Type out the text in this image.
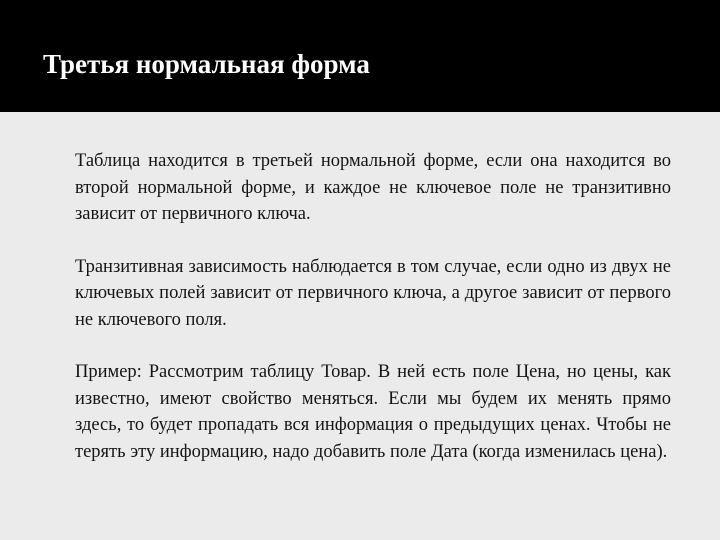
Третья нормальная форма

Таблица находится в третьей нормальной форме, если она находится во второй нормальной форме, и каждое не ключевое поле не транзитивно зависит от первичного ключа.

Транзитивная зависимость наблюдается в том случае, если одно из двух не ключевых полей зависит от первичного ключа, а другое зависит от первого не ключевого поля.

Пример: Рассмотрим таблицу Товар. В ней есть поле Цена, но цены, как известно, имеют свойство меняться. Если мы будем их менять прямо здесь, то будет пропадать вся информация о предыдущих ценах. Чтобы не терять эту информацию, надо добавить поле Дата (когда изменилась цена).
